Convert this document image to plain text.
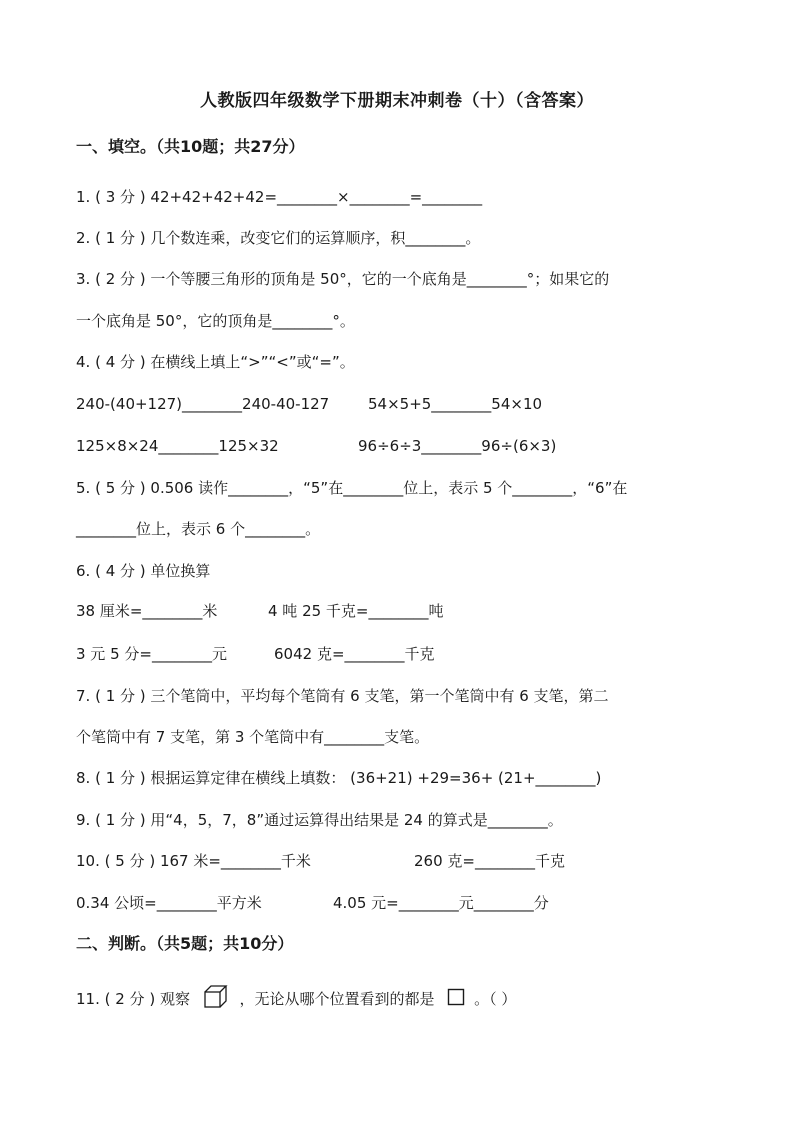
人教版四年级数学下册期末冲刺卷（十）（含答案）
一、填空。（共10题；共27分）
1. ( 3 分 ) 42+42+42+42=________×________=________
2. ( 1 分 ) 几个数连乘，改变它们的运算顺序，积________。
3. ( 2 分 ) 一个等腰三角形的顶角是 50°，它的一个底角是________°；如果它的
一个底角是 50°，它的顶角是________°。
4. ( 4 分 ) 在横线上填上“>”“<”或“=”。
240-(40+127)________240-40-127	54×5+5________54×10
125×8×24________125×32	96÷6÷3________96÷(6×3)
5. ( 5 分 ) 0.506 读作________，“5”在________位上，表示 5 个________，“6”在
________位上，表示 6 个________。
6. ( 4 分 ) 单位换算
38 厘米=________米	4 吨 25 千克=________吨
3 元 5 分=________元	6042 克=________千克
7. ( 1 分 ) 三个笔筒中，平均每个笔筒有 6 支笔，第一个笔筒中有 6 支笔，第二
个笔筒中有 7 支笔，第 3 个笔筒中有________支笔。
8. ( 1 分 ) 根据运算定律在横线上填数： (36+21) +29=36+ (21+________)
9. ( 1 分 ) 用“4，5，7，8”通过运算得出结果是 24 的算式是________。
10. ( 5 分 ) 167 米=________千米	260 克=________千克
0.34 公顷=________平方米	4.05 元=________元________分
二、判断。（共5题；共10分）
11. ( 2 分 ) 观察	，无论从哪个位置看到的都是	。（ ）
